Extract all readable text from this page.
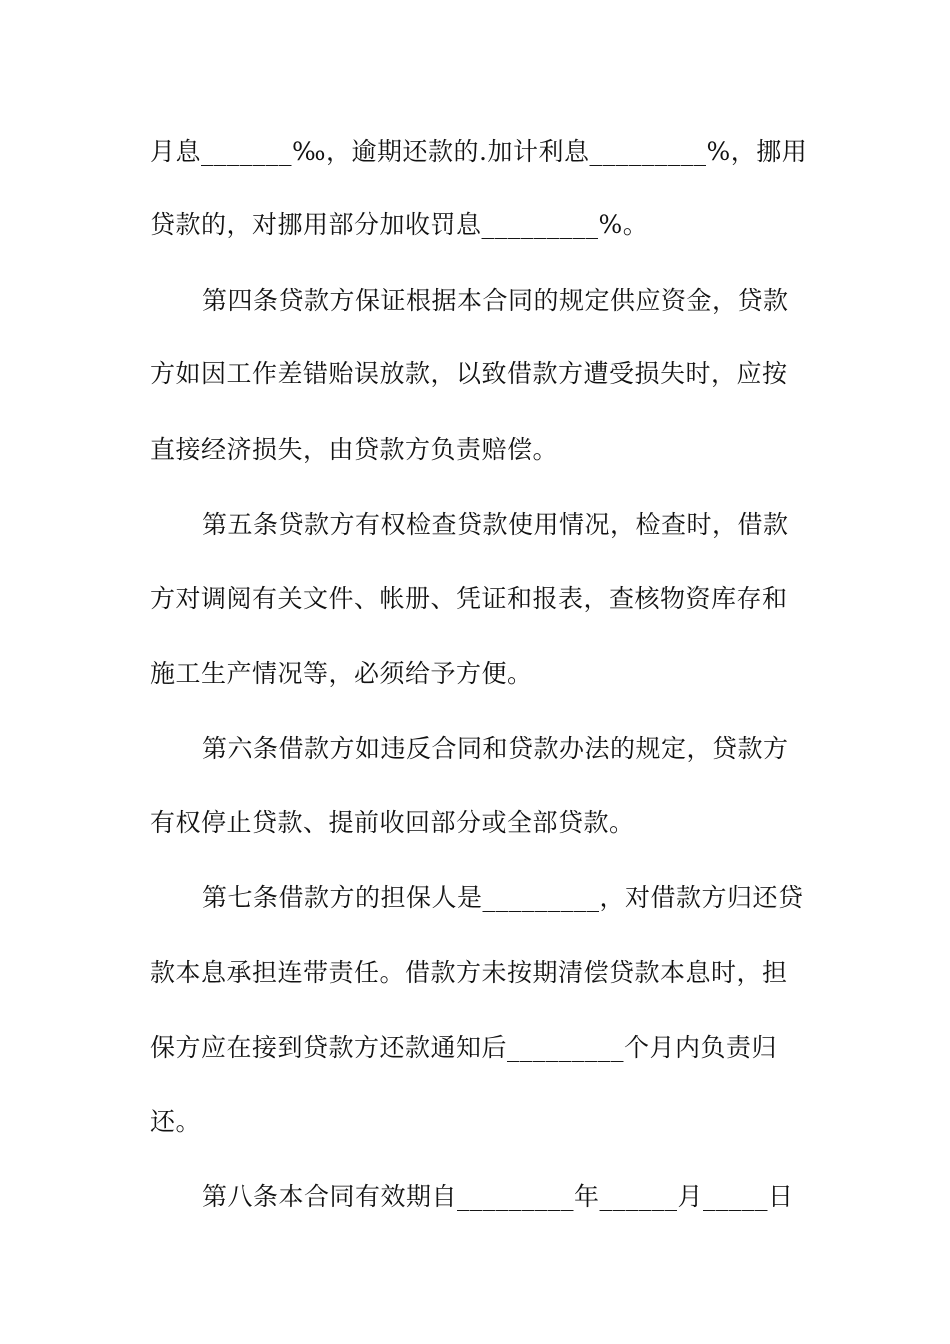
月息_______‰，逾期还款的.加计利息_________%，挪用
贷款的，对挪用部分加收罚息_________%。
第四条贷款方保证根据本合同的规定供应资金，贷款
方如因工作差错贻误放款，以致借款方遭受损失时，应按
直接经济损失，由贷款方负责赔偿。
第五条贷款方有权检查贷款使用情况，检查时，借款
方对调阅有关文件、帐册、凭证和报表，查核物资库存和
施工生产情况等，必须给予方便。
第六条借款方如违反合同和贷款办法的规定，贷款方
有权停止贷款、提前收回部分或全部贷款。
第七条借款方的担保人是_________，对借款方归还贷
款本息承担连带责任。借款方未按期清偿贷款本息时，担
保方应在接到贷款方还款通知后_________个月内负责归
还。
第八条本合同有效期自_________年______月_____日
